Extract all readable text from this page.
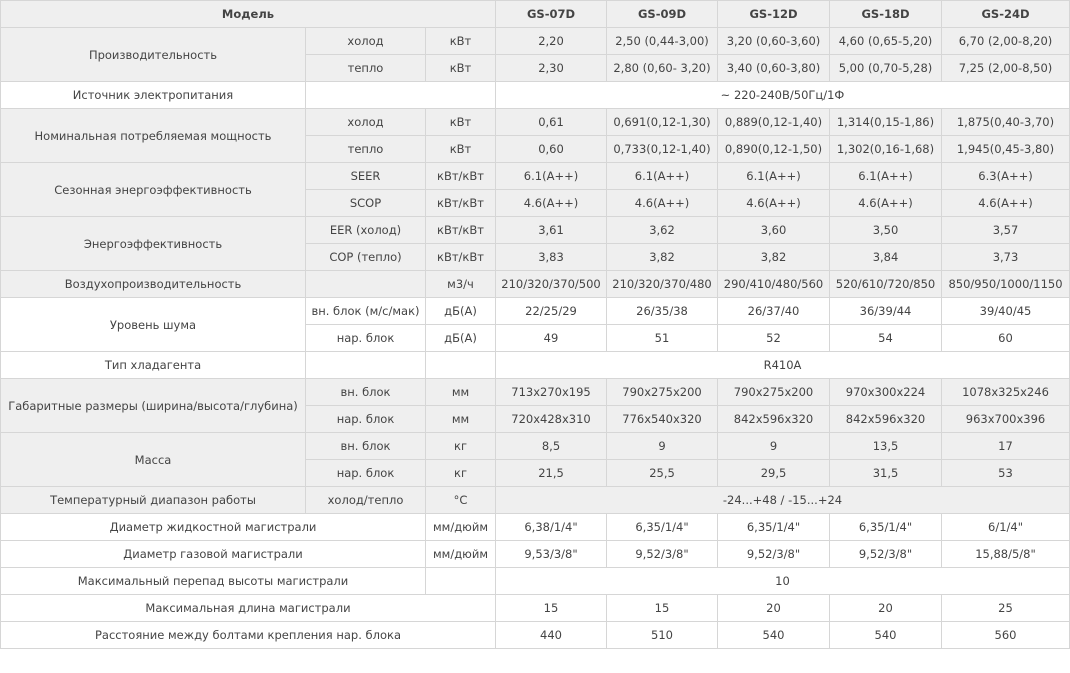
Модель			GS-07D	GS-09D	GS-12D	GS-18D	GS-24D
Производительность	холод	кВт	2,20	2,50 (0,44-3,00)	3,20 (0,60-3,60)	4,60 (0,65-5,20)	6,70 (2,00-8,20)
	тепло	кВт	2,30	2,80 (0,60- 3,20)	3,40 (0,60-3,80)	5,00 (0,70-5,28)	7,25 (2,00-8,50)
Источник электропитания			~ 220-240В/50Гц/1Ф				
Номинальная потребляемая мощность	холод	кВт	0,61	0,691(0,12-1,30)	0,889(0,12-1,40)	1,314(0,15-1,86)	1,875(0,40-3,70)
	тепло	кВт	0,60	0,733(0,12-1,40)	0,890(0,12-1,50)	1,302(0,16-1,68)	1,945(0,45-3,80)
Сезонная энергоэффективность	SEER	кВт/кВт	6.1(A++)	6.1(A++)	6.1(A++)	6.1(A++)	6.3(A++)
	SCOP	кВт/кВт	4.6(A++)	4.6(A++)	4.6(A++)	4.6(A++)	4.6(A++)
Энергоэффективность	EER (холод)	кВт/кВт	3,61	3,62	3,60	3,50	3,57
	COP (тепло)	кВт/кВт	3,83	3,82	3,82	3,84	3,73
Воздухопроизводительность		м3/ч	210/320/370/500	210/320/370/480	290/410/480/560	520/610/720/850	850/950/1000/1150
Уровень шума	вн. блок (м/с/мак)	дБ(А)	22/25/29	26/35/38	26/37/40	36/39/44	39/40/45
	нар. блок	дБ(А)	49	51	52	54	60
Тип хладагента			R410A				
Габаритные размеры (ширина/высота/глубина)	вн. блок	мм	713x270x195	790x275x200	790x275x200	970x300x224	1078x325x246
	нар. блок	мм	720x428x310	776x540x320	842x596x320	842x596x320	963x700x396
Масса	вн. блок	кг	8,5	9	9	13,5	17
	нар. блок	кг	21,5	25,5	29,5	31,5	53
Температурный диапазон работы	холод/тепло	°C	-24...+48 / -15...+24				
Диаметр жидкостной магистрали		мм/дюйм	6,38/1/4"	6,35/1/4"	6,35/1/4"	6,35/1/4"	6/1/4"
Диаметр газовой магистрали		мм/дюйм	9,53/3/8"	9,52/3/8"	9,52/3/8"	9,52/3/8"	15,88/5/8"
Максимальный перепад высоты магистрали			10				
Максимальная длина магистрали			15	15	20	20	25
Расстояние между болтами крепления нар. блока			440	510	540	540	560
